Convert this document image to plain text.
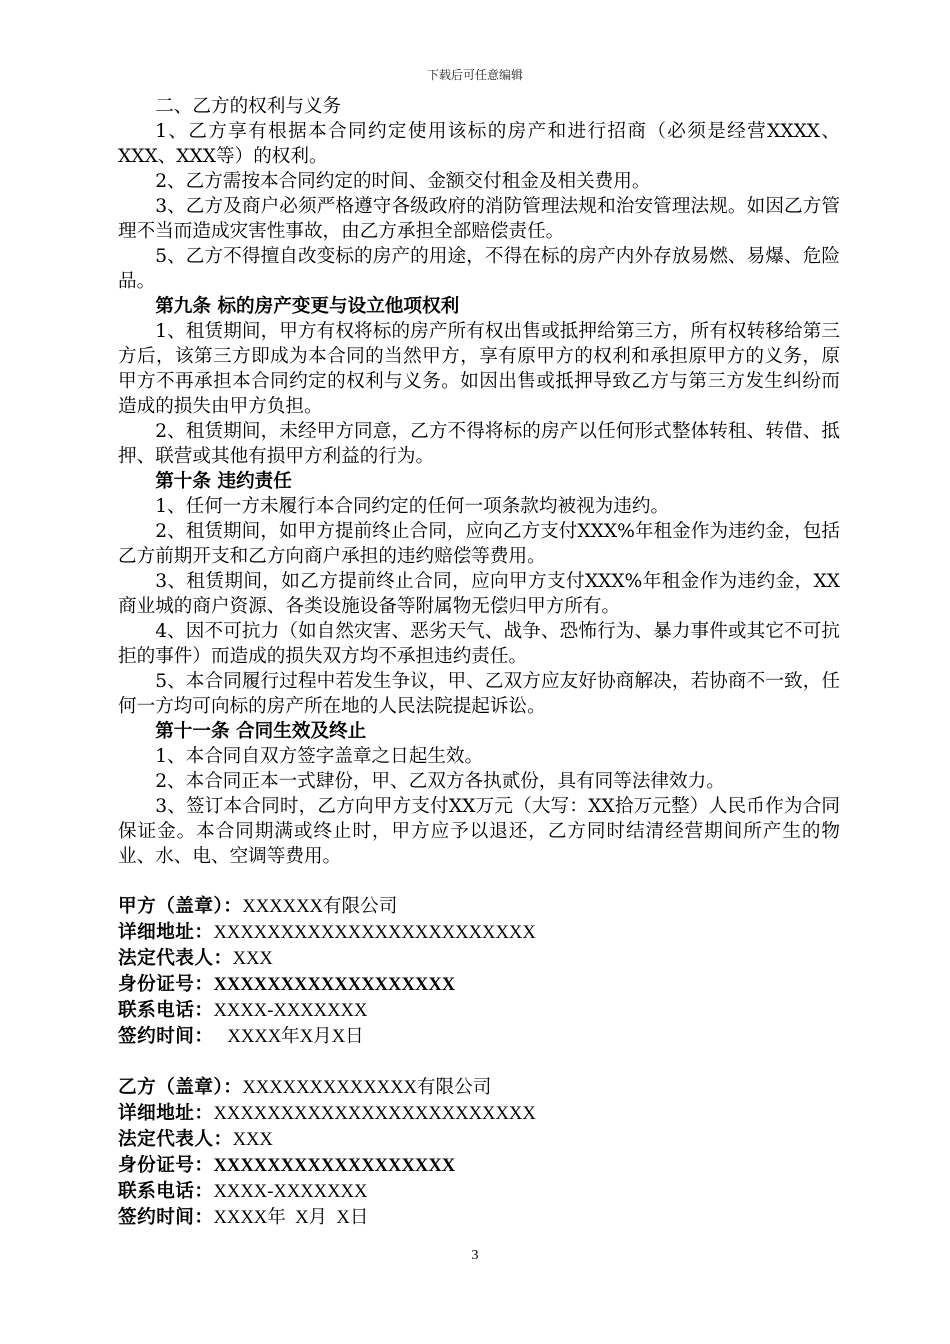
下载后可任意编辑

二、乙方的权利与义务

1、乙方享有根据本合同约定使用该标的房产和进行招商（必须是经营XXXX、XXX、XXX等）的权利。

2、乙方需按本合同约定的时间、金额交付租金及相关费用。

3、乙方及商户必须严格遵守各级政府的消防管理法规和治安管理法规。如因乙方管理不当而造成灾害性事故，由乙方承担全部赔偿责任。

5、乙方不得擅自改变标的房产的用途，不得在标的房产内外存放易燃、易爆、危险品。

第九条 标的房产变更与设立他项权利

1、租赁期间，甲方有权将标的房产所有权出售或抵押给第三方，所有权转移给第三方后，该第三方即成为本合同的当然甲方，享有原甲方的权利和承担原甲方的义务，原甲方不再承担本合同约定的权利与义务。如因出售或抵押导致乙方与第三方发生纠纷而造成的损失由甲方负担。

2、租赁期间，未经甲方同意，乙方不得将标的房产以任何形式整体转租、转借、抵押、联营或其他有损甲方利益的行为。

第十条 违约责任

1、任何一方未履行本合同约定的任何一项条款均被视为违约。

2、租赁期间，如甲方提前终止合同，应向乙方支付XXX%年租金作为违约金，包括乙方前期开支和乙方向商户承担的违约赔偿等费用。

3、租赁期间，如乙方提前终止合同，应向甲方支付XXX%年租金作为违约金，XX商业城的商户资源、各类设施设备等附属物无偿归甲方所有。

4、因不可抗力（如自然灾害、恶劣天气、战争、恐怖行为、暴力事件或其它不可抗拒的事件）而造成的损失双方均不承担违约责任。

5、本合同履行过程中若发生争议，甲、乙双方应友好协商解决，若协商不一致，任何一方均可向标的房产所在地的人民法院提起诉讼。

第十一条 合同生效及终止

1、本合同自双方签字盖章之日起生效。

2、本合同正本一式肆份，甲、乙双方各执贰份，具有同等法律效力。

3、签订本合同时，乙方向甲方支付XX万元（大写：XX拾万元整）人民币作为合同保证金。本合同期满或终止时，甲方应予以退还，乙方同时结清经营期间所产生的物业、水、电、空调等费用。

甲方（盖章）：XXXXXX有限公司

详细地址：XXXXXXXXXXXXXXXXXXXXXXXX

法定代表人：XXX

身份证号：XXXXXXXXXXXXXXXXXX

联系电话：XXXX-XXXXXXX

签约时间：   XXXX年X月X日

乙方（盖章）：XXXXXXXXXXXXX有限公司

详细地址：XXXXXXXXXXXXXXXXXXXXXXXX

法定代表人：XXX

身份证号：XXXXXXXXXXXXXXXXXX

联系电话：XXXX-XXXXXXX

签约时间：XXXX年  X月  X日

3
